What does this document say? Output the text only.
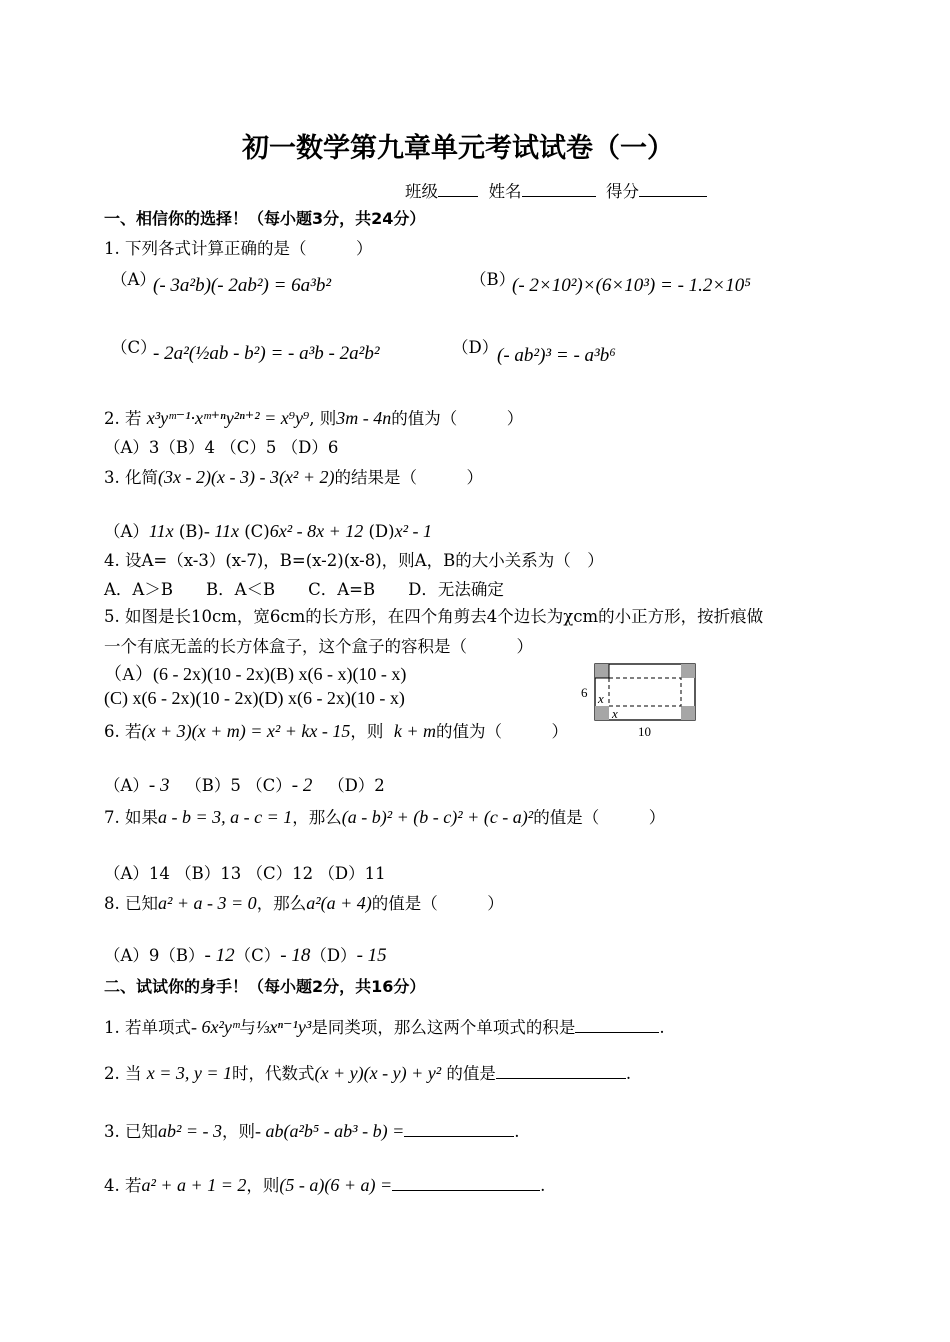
初一数学第九章单元考试试卷（一）
班级	姓名	得分
一、相信你的选择！（每小题3分，共24分）
1. 下列各式计算正确的是（　　　）
（A）
(- 3a²b)(- 2ab²) = 6a³b²	（B）
(- 2×10²)×(6×10³) = - 1.2×10⁵
（C）
- 2a²(½ab - b²) = - a³b - 2a²b²	（D）
(- ab²)³ = - a³b⁶
2. 若 x³yᵐ⁻¹·xᵐ⁺ⁿy²ⁿ⁺² = x⁹y⁹, 则3m - 4n的值为（　　　）
（A）3（B）4 （C）5 （D）6
3. 化简(3x - 2)(x - 3) - 3(x² + 2)的结果是（　　　）
（A）11x (B)- 11x (C)6x² - 8x + 12 (D)x² - 1
4. 设A=（x-3）(x-7)，B=(x-2)(x-8)，则A，B的大小关系为（　）
A．A＞B　　B．A＜B　　C．A=B　　D．无法确定
5. 如图是长10cm，宽6cm的长方形，在四个角剪去4个边长为χcm的小正方形，按折痕做
一个有底无盖的长方体盒子，这个盒子的容积是（　　　）
（A）(6 - 2x)(10 - 2x)(B) x(6 - x)(10 - x)
(C) x(6 - 2x)(10 - 2x)(D) x(6 - 2x)(10 - x)	6 x
x
10
6. 若(x + 3)(x + m) = x² + kx - 15，则 k + m的值为（　　　）
（A）- 3 （B）5 （C）- 2 （D）2
7. 如果a - b = 3, a - c = 1，那么(a - b)² + (b - c)² + (c - a)²的值是（　　　）
（A）14 （B）13 （C）12 （D）11
8. 已知a² + a - 3 = 0，那么a²(a + 4)的值是（　　　）
（A）9（B）- 12（C）- 18（D）- 15
二、试试你的身手！（每小题2分，共16分）
1. 若单项式- 6x²yᵐ与⅓xⁿ⁻¹y³是同类项，那么这两个单项式的积是	.
2. 当 x = 3, y = 1时，代数式(x + y)(x - y) + y² 的值是	.
3. 已知ab² = - 3，则- ab(a²b⁵ - ab³ - b) =	.
4. 若a² + a + 1 = 2，则(5 - a)(6 + a) =	.
